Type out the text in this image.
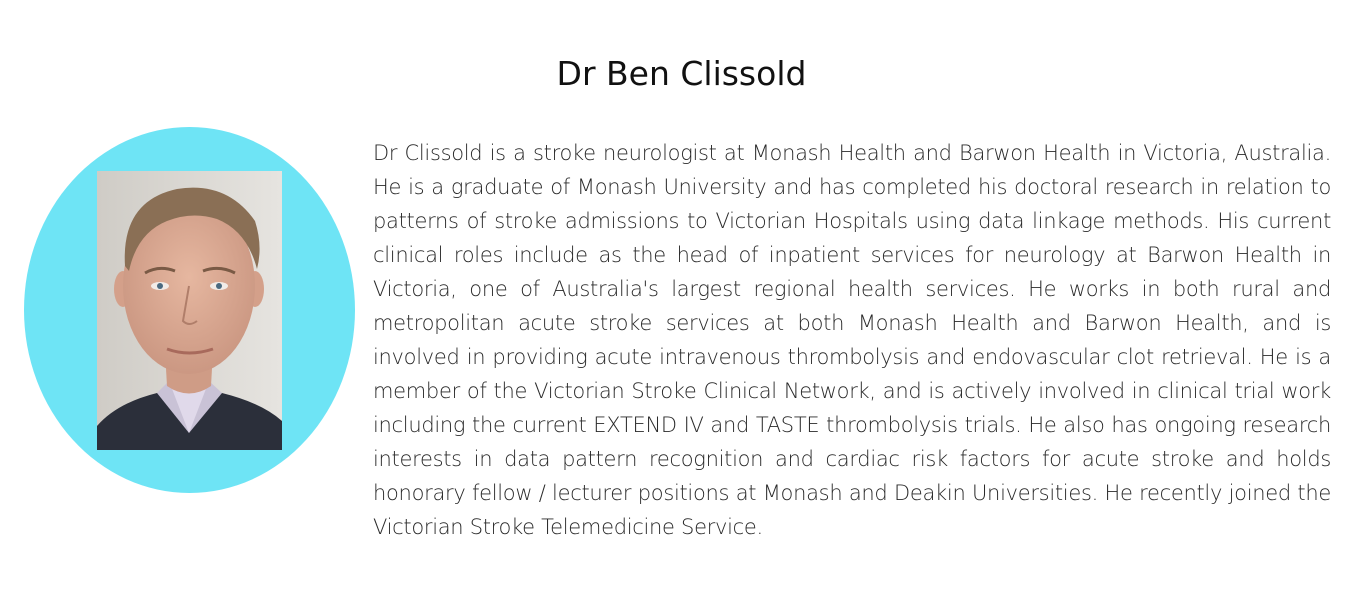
Dr Ben Clissold

Dr Clissold is a stroke neurologist at Monash Health and Barwon Health in Victoria, Australia. He is a graduate of Monash University and has completed his doctoral research in relation to patterns of stroke admissions to Victorian Hospitals using data linkage methods. His current clinical roles include as the head of inpatient services for neurology at Barwon Health in Victoria, one of Australia's largest regional health services. He works in both rural and metropolitan acute stroke services at both Monash Health and Barwon Health, and is involved in providing acute intravenous thrombolysis and endovascular clot retrieval. He is a member of the Victorian Stroke Clinical Network, and is actively involved in clinical trial work including the current EXTEND IV and TASTE thrombolysis trials. He also has ongoing research interests in data pattern recognition and cardiac risk factors for acute stroke and holds honorary fellow / lecturer positions at Monash and Deakin Universities. He recently joined the Victorian Stroke Telemedicine Service.
